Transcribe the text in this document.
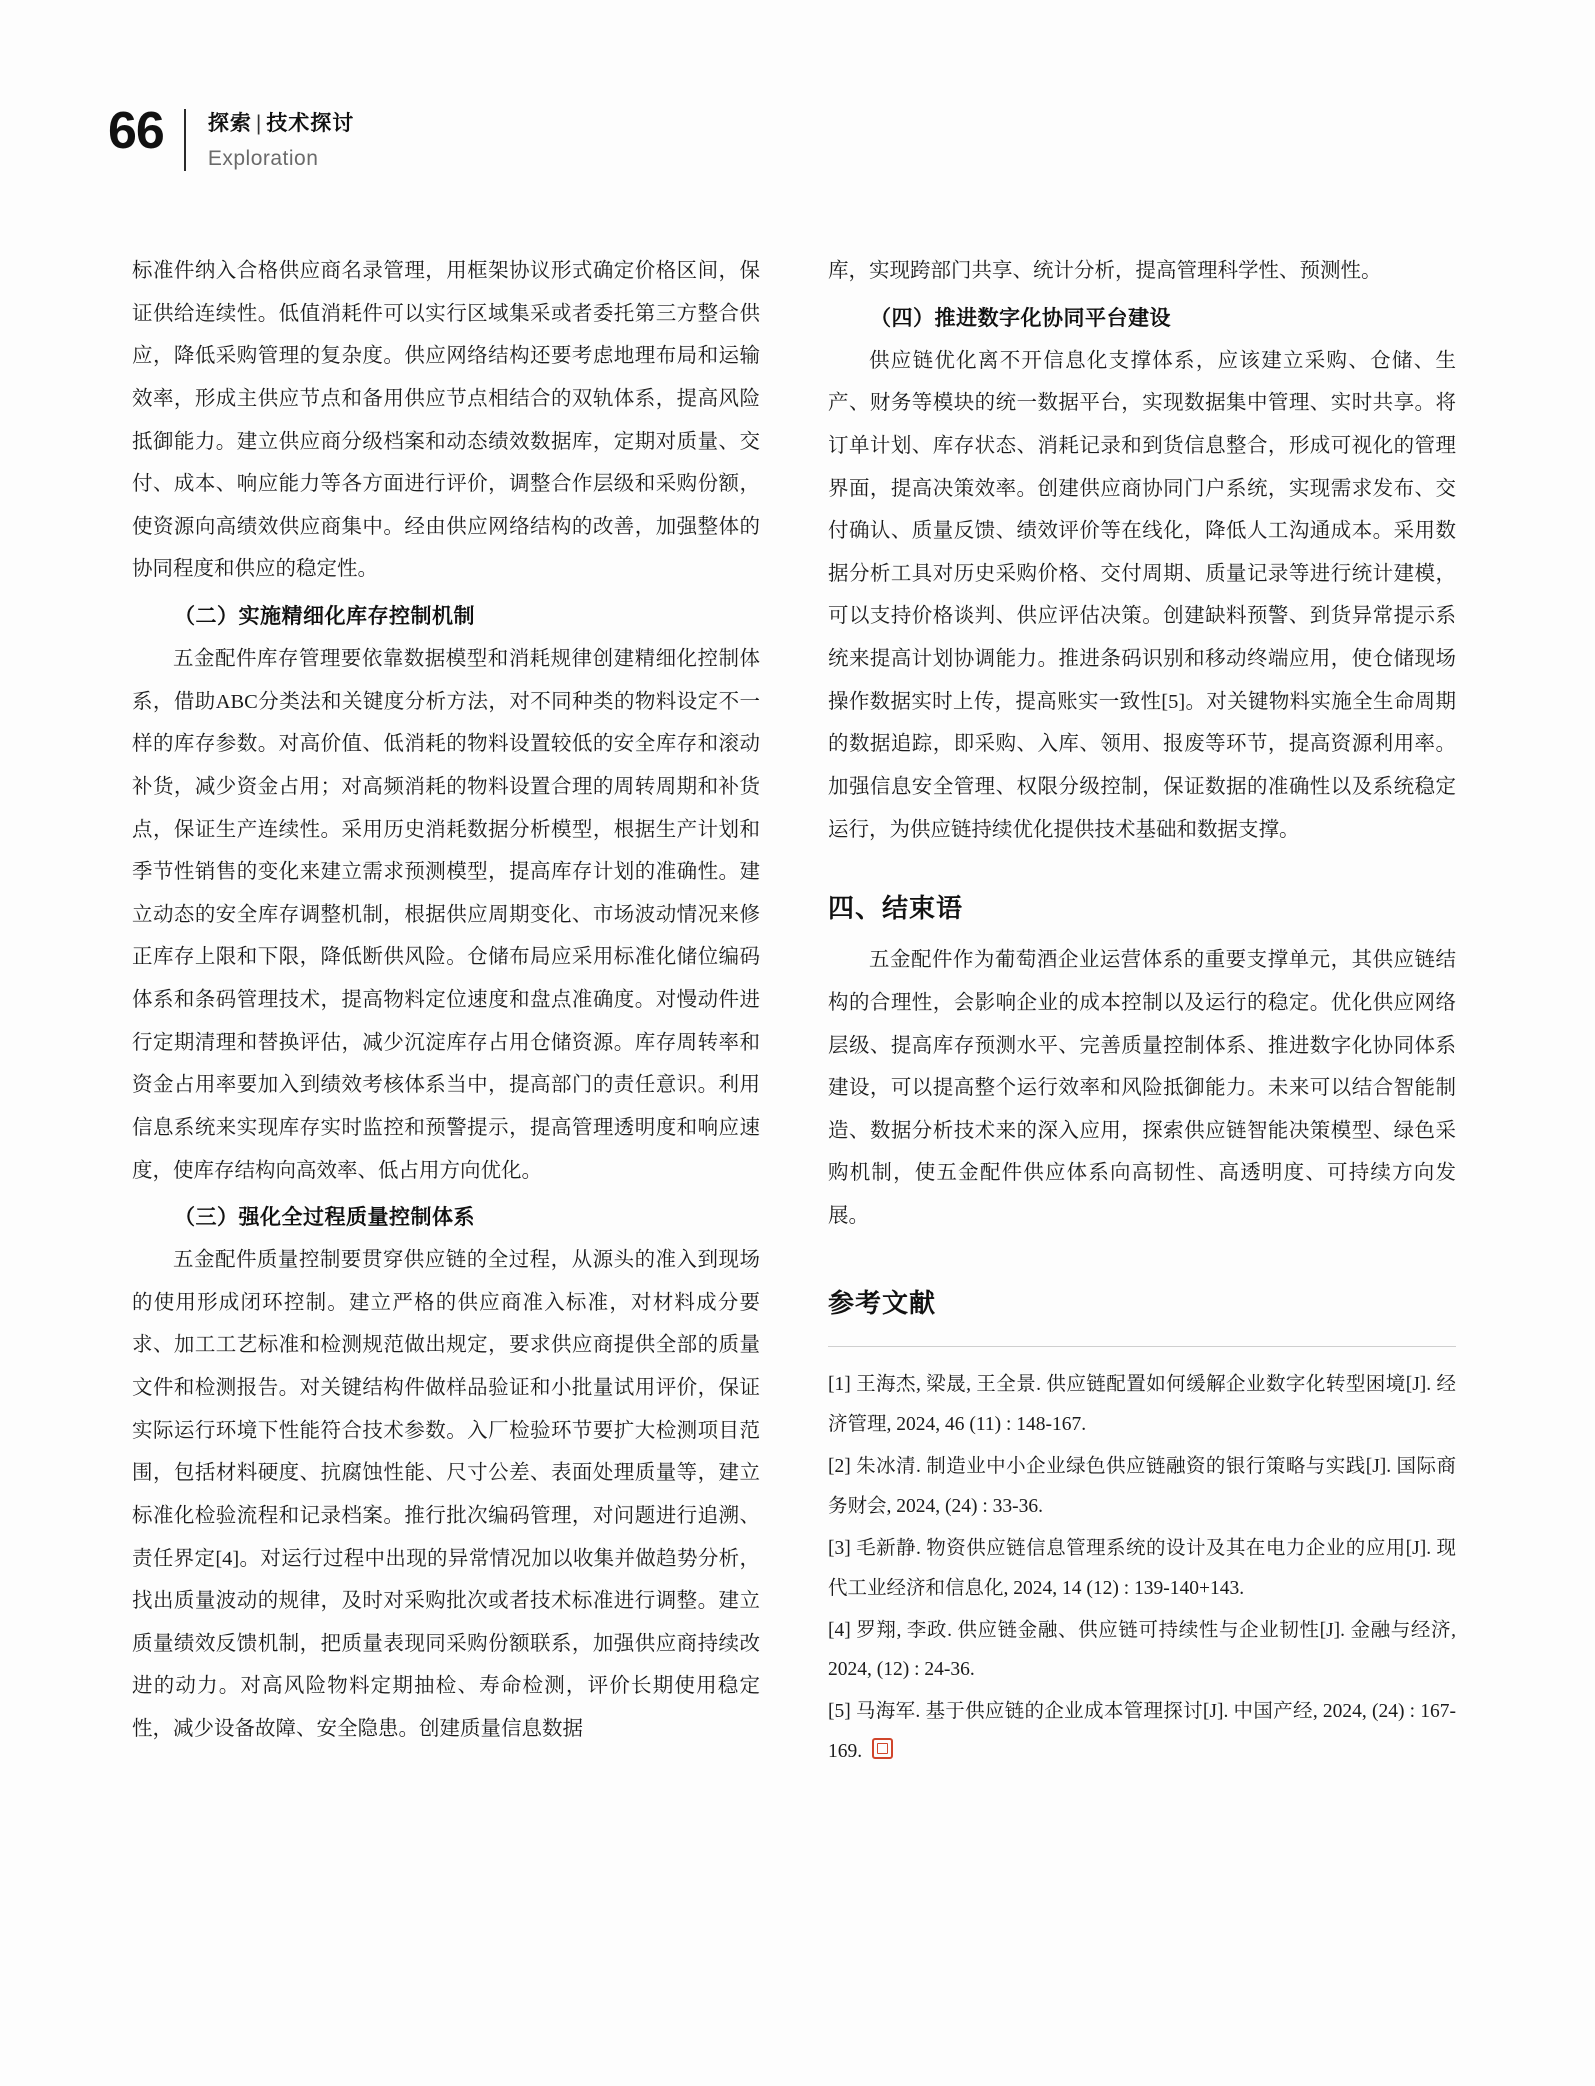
66	探索 | 技术探讨
Exploration

标准件纳入合格供应商名录管理，用框架协议形式确定价格区间，保证供给连续性。低值消耗件可以实行区域集采或者委托第三方整合供应，降低采购管理的复杂度。供应网络结构还要考虑地理布局和运输效率，形成主供应节点和备用供应节点相结合的双轨体系，提高风险抵御能力。建立供应商分级档案和动态绩效数据库，定期对质量、交付、成本、响应能力等各方面进行评价，调整合作层级和采购份额，使资源向高绩效供应商集中。经由供应网络结构的改善，加强整体的协同程度和供应的稳定性。

（二）实施精细化库存控制机制

五金配件库存管理要依靠数据模型和消耗规律创建精细化控制体系，借助ABC分类法和关键度分析方法，对不同种类的物料设定不一样的库存参数。对高价值、低消耗的物料设置较低的安全库存和滚动补货，减少资金占用；对高频消耗的物料设置合理的周转周期和补货点，保证生产连续性。采用历史消耗数据分析模型，根据生产计划和季节性销售的变化来建立需求预测模型，提高库存计划的准确性。建立动态的安全库存调整机制，根据供应周期变化、市场波动情况来修正库存上限和下限，降低断供风险。仓储布局应采用标准化储位编码体系和条码管理技术，提高物料定位速度和盘点准确度。对慢动件进行定期清理和替换评估，减少沉淀库存占用仓储资源。库存周转率和资金占用率要加入到绩效考核体系当中，提高部门的责任意识。利用信息系统来实现库存实时监控和预警提示，提高管理透明度和响应速度，使库存结构向高效率、低占用方向优化。

（三）强化全过程质量控制体系

五金配件质量控制要贯穿供应链的全过程，从源头的准入到现场的使用形成闭环控制。建立严格的供应商准入标准，对材料成分要求、加工工艺标准和检测规范做出规定，要求供应商提供全部的质量文件和检测报告。对关键结构件做样品验证和小批量试用评价，保证实际运行环境下性能符合技术参数。入厂检验环节要扩大检测项目范围，包括材料硬度、抗腐蚀性能、尺寸公差、表面处理质量等，建立标准化检验流程和记录档案。推行批次编码管理，对问题进行追溯、责任界定[4]。对运行过程中出现的异常情况加以收集并做趋势分析，找出质量波动的规律，及时对采购批次或者技术标准进行调整。建立质量绩效反馈机制，把质量表现同采购份额联系，加强供应商持续改进的动力。对高风险物料定期抽检、寿命检测，评价长期使用稳定性，减少设备故障、安全隐患。创建质量信息数据

库，实现跨部门共享、统计分析，提高管理科学性、预测性。

（四）推进数字化协同平台建设

供应链优化离不开信息化支撑体系，应该建立采购、仓储、生产、财务等模块的统一数据平台，实现数据集中管理、实时共享。将订单计划、库存状态、消耗记录和到货信息整合，形成可视化的管理界面，提高决策效率。创建供应商协同门户系统，实现需求发布、交付确认、质量反馈、绩效评价等在线化，降低人工沟通成本。采用数据分析工具对历史采购价格、交付周期、质量记录等进行统计建模，可以支持价格谈判、供应评估决策。创建缺料预警、到货异常提示系统来提高计划协调能力。推进条码识别和移动终端应用，使仓储现场操作数据实时上传，提高账实一致性[5]。对关键物料实施全生命周期的数据追踪，即采购、入库、领用、报废等环节，提高资源利用率。加强信息安全管理、权限分级控制，保证数据的准确性以及系统稳定运行，为供应链持续优化提供技术基础和数据支撑。

四、结束语

五金配件作为葡萄酒企业运营体系的重要支撑单元，其供应链结构的合理性，会影响企业的成本控制以及运行的稳定。优化供应网络层级、提高库存预测水平、完善质量控制体系、推进数字化协同体系建设，可以提高整个运行效率和风险抵御能力。未来可以结合智能制造、数据分析技术来的深入应用，探索供应链智能决策模型、绿色采购机制，使五金配件供应体系向高韧性、高透明度、可持续方向发展。

参考文献

[1] 王海杰, 梁晟, 王全景. 供应链配置如何缓解企业数字化转型困境[J]. 经济管理, 2024, 46 (11) : 148-167.

[2] 朱冰清. 制造业中小企业绿色供应链融资的银行策略与实践[J]. 国际商务财会, 2024, (24) : 33-36.

[3] 毛新静. 物资供应链信息管理系统的设计及其在电力企业的应用[J]. 现代工业经济和信息化, 2024, 14 (12) : 139-140+143.

[4] 罗翔, 李政. 供应链金融、供应链可持续性与企业韧性[J]. 金融与经济, 2024, (12) : 24-36.

[5] 马海军. 基于供应链的企业成本管理探讨[J]. 中国产经, 2024, (24) : 167-169.
